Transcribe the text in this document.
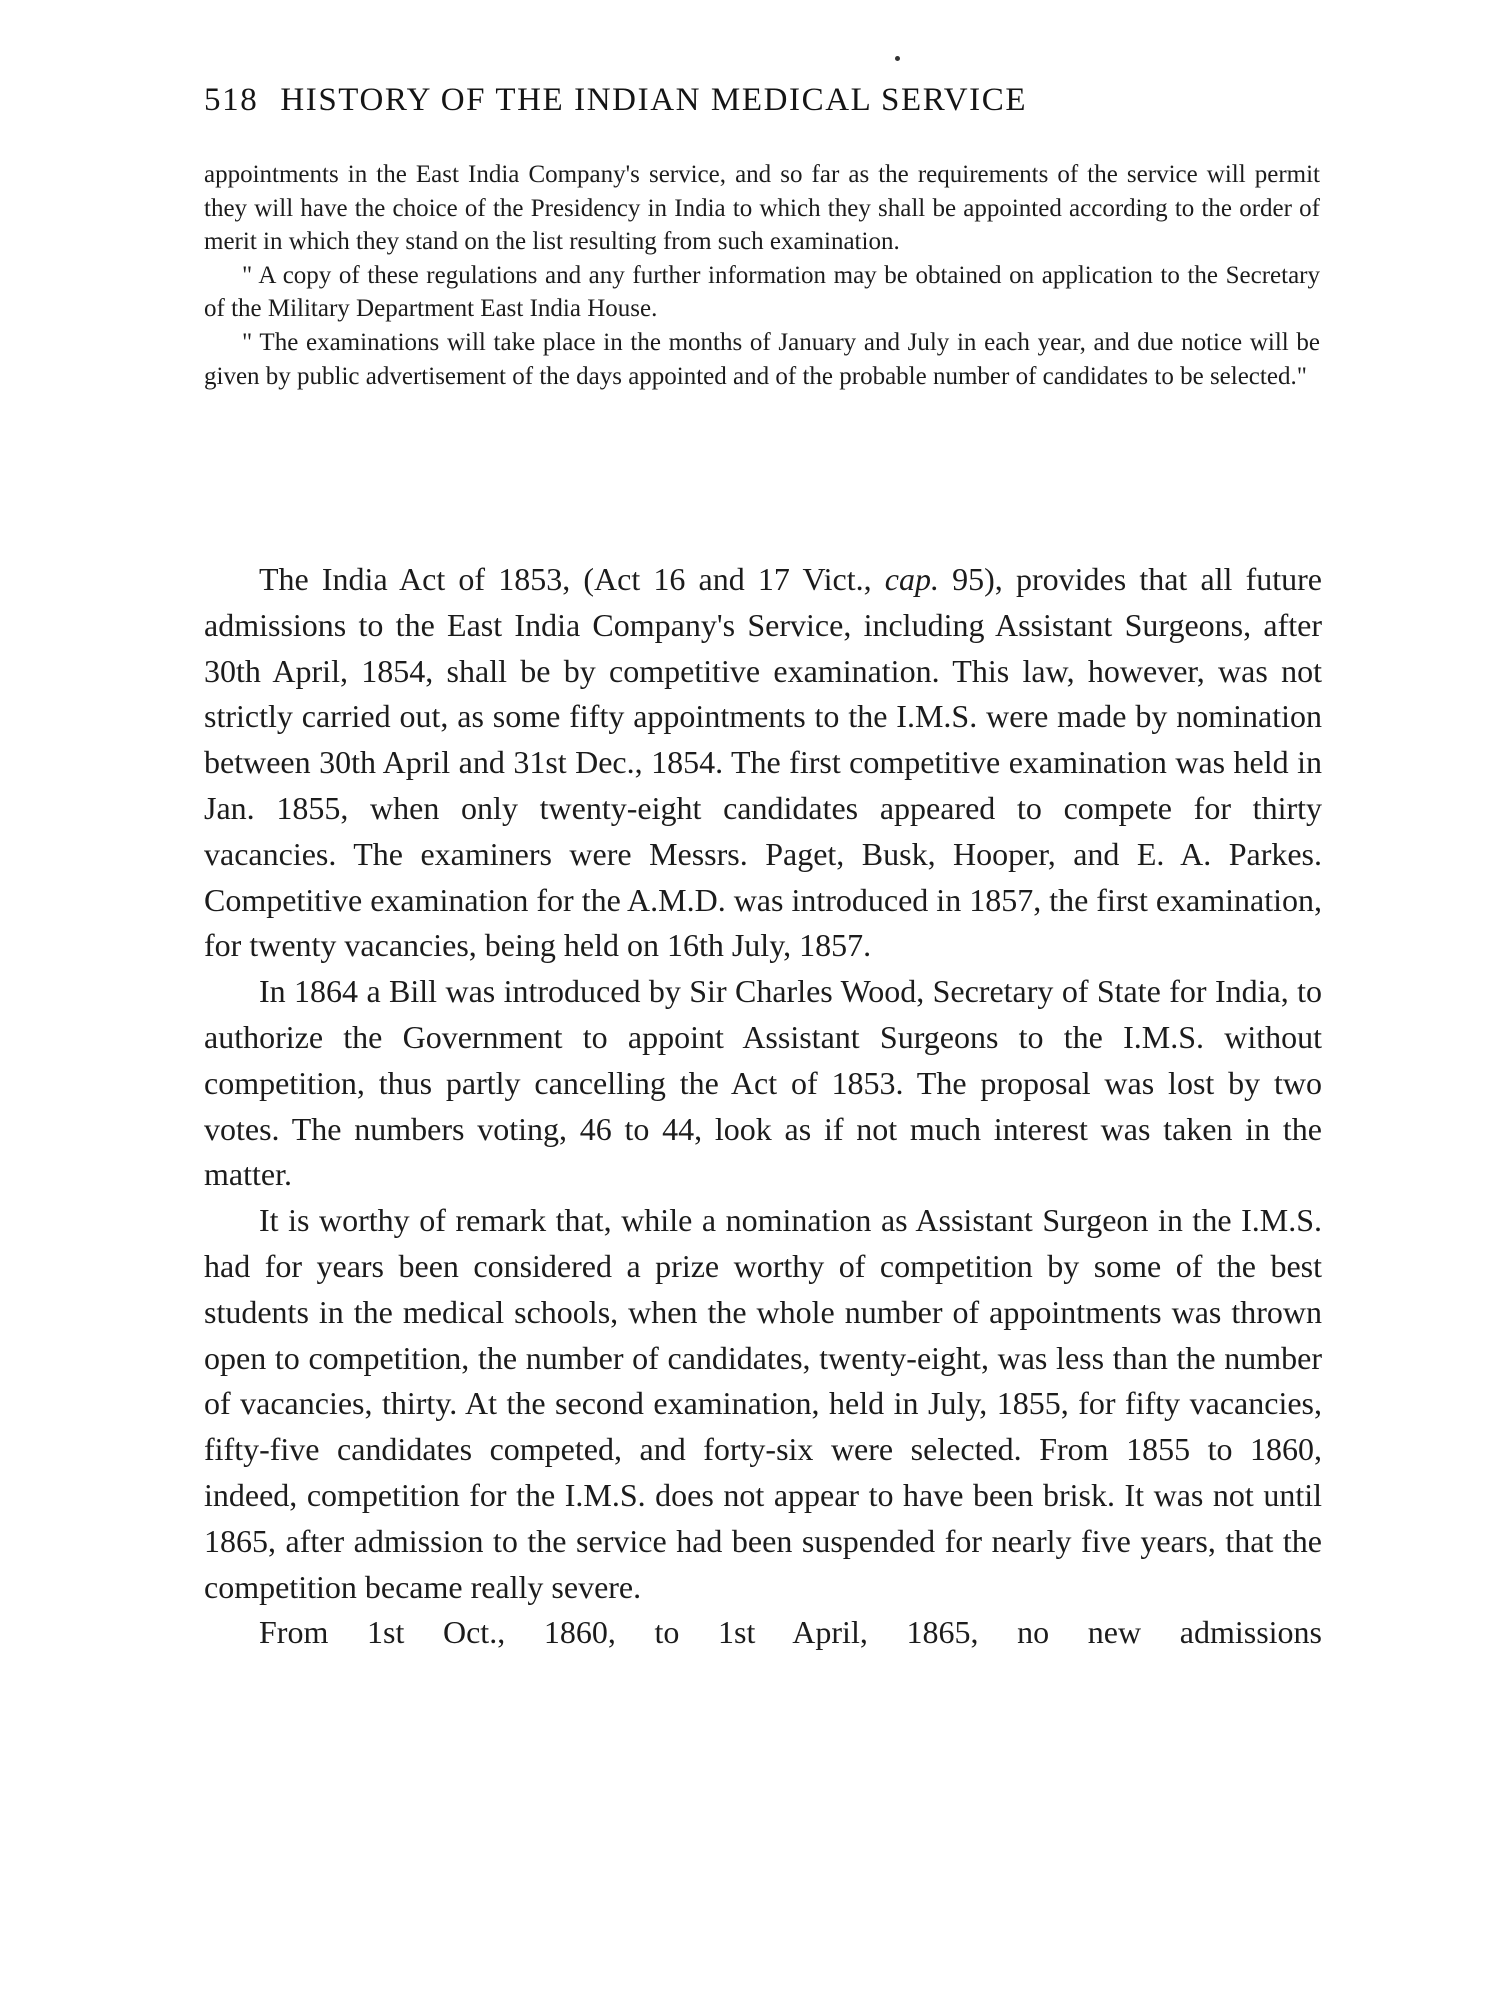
518 HISTORY OF THE INDIAN MEDICAL SERVICE

appointments in the East India Company's service, and so far as the requirements of the service will permit they will have the choice of the Presidency in India to which they shall be appointed according to the order of merit in which they stand on the list resulting from such examination.

" A copy of these regulations and any further information may be obtained on application to the Secretary of the Military Department East India House.

" The examinations will take place in the months of January and July in each year, and due notice will be given by public advertisement of the days appointed and of the probable number of candidates to be selected."

The India Act of 1853, (Act 16 and 17 Vict., cap. 95), provides that all future admissions to the East India Company's Service, including Assistant Surgeons, after 30th April, 1854, shall be by competitive examination. This law, however, was not strictly carried out, as some fifty appointments to the I.M.S. were made by nomination between 30th April and 31st Dec., 1854. The first competitive examination was held in Jan. 1855, when only twenty-eight candidates appeared to compete for thirty vacancies. The examiners were Messrs. Paget, Busk, Hooper, and E. A. Parkes. Competitive examination for the A.M.D. was introduced in 1857, the first examination, for twenty vacancies, being held on 16th July, 1857.

In 1864 a Bill was introduced by Sir Charles Wood, Secretary of State for India, to authorize the Government to appoint Assistant Surgeons to the I.M.S. without competition, thus partly cancelling the Act of 1853. The proposal was lost by two votes. The numbers voting, 46 to 44, look as if not much interest was taken in the matter.

It is worthy of remark that, while a nomination as Assistant Surgeon in the I.M.S. had for years been considered a prize worthy of competition by some of the best students in the medical schools, when the whole number of appointments was thrown open to competition, the number of candidates, twenty-eight, was less than the number of vacancies, thirty. At the second examination, held in July, 1855, for fifty vacancies, fifty-five candidates competed, and forty-six were selected. From 1855 to 1860, indeed, competition for the I.M.S. does not appear to have been brisk. It was not until 1865, after admission to the service had been suspended for nearly five years, that the competition became really severe.

From 1st Oct., 1860, to 1st April, 1865, no new admissions
